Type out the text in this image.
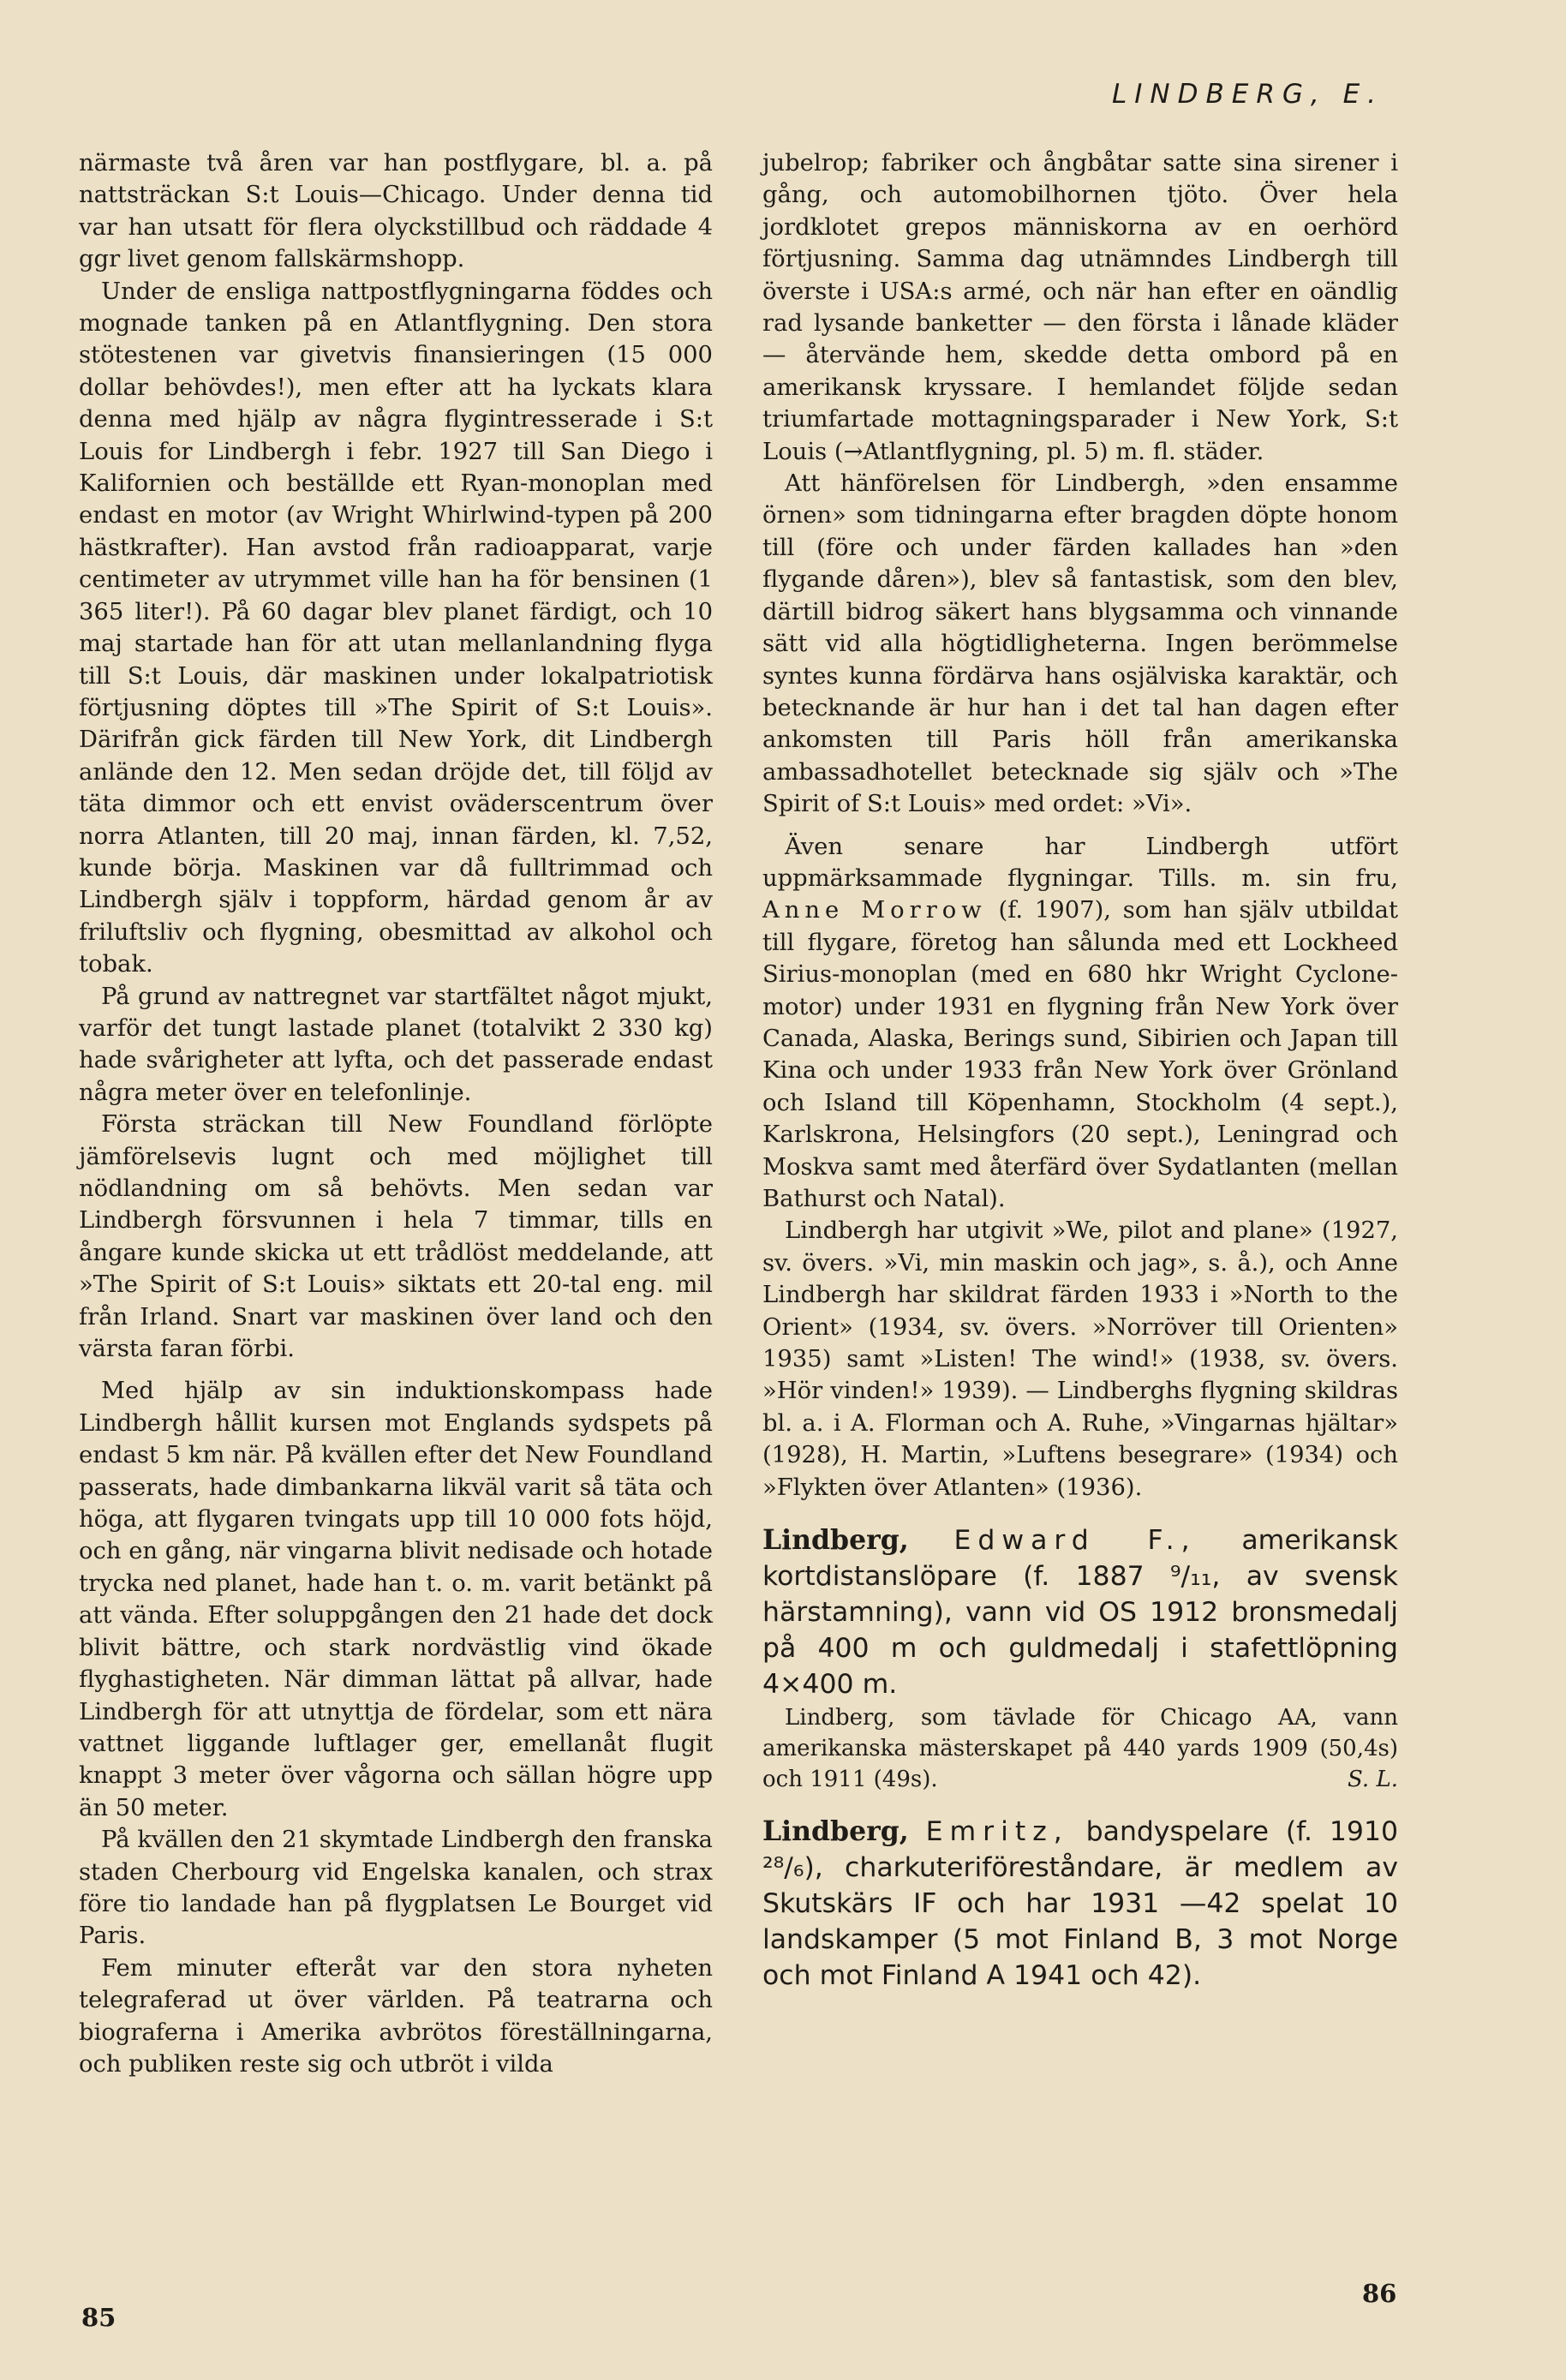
LINDBERG, E.

närmaste två åren var han postflygare, bl. a. på nattsträckan S:t Louis—Chicago. Under denna tid var han utsatt för flera olyckstillbud och räddade 4 ggr livet genom fallskärmshopp.

Under de ensliga nattpostflygningarna föddes och mognade tanken på en Atlantflygning. Den stora stötestenen var givetvis finansieringen (15 000 dollar behövdes!), men efter att ha lyckats klara denna med hjälp av några flygintresserade i S:t Louis for Lindbergh i febr. 1927 till San Diego i Kalifornien och beställde ett Ryan-monoplan med endast en motor (av Wright Whirlwind-typen på 200 hästkrafter). Han avstod från radioapparat, varje centimeter av utrymmet ville han ha för bensinen (1 365 liter!). På 60 dagar blev planet färdigt, och 10 maj startade han för att utan mellanlandning flyga till S:t Louis, där maskinen under lokalpatriotisk förtjusning döptes till »The Spirit of S:t Louis». Därifrån gick färden till New York, dit Lindbergh anlände den 12. Men sedan dröjde det, till följd av täta dimmor och ett envist oväderscentrum över norra Atlanten, till 20 maj, innan färden, kl. 7,52, kunde börja. Maskinen var då fulltrimmad och Lindbergh själv i toppform, härdad genom år av friluftsliv och flygning, obesmittad av alkohol och tobak.

På grund av nattregnet var startfältet något mjukt, varför det tungt lastade planet (totalvikt 2 330 kg) hade svårigheter att lyfta, och det passerade endast några meter över en telefonlinje.

Första sträckan till New Foundland förlöpte jämförelsevis lugnt och med möjlighet till nödlandning om så behövts. Men sedan var Lindbergh försvunnen i hela 7 timmar, tills en ångare kunde skicka ut ett trådlöst meddelande, att »The Spirit of S:t Louis» siktats ett 20-tal eng. mil från Irland. Snart var maskinen över land och den värsta faran förbi.

Med hjälp av sin induktionskompass hade Lindbergh hållit kursen mot Englands sydspets på endast 5 km när. På kvällen efter det New Foundland passerats, hade dimbankarna likväl varit så täta och höga, att flygaren tvingats upp till 10 000 fots höjd, och en gång, när vingarna blivit nedisade och hotade trycka ned planet, hade han t. o. m. varit betänkt på att vända. Efter soluppgången den 21 hade det dock blivit bättre, och stark nordvästlig vind ökade flyghastigheten. När dimman lättat på allvar, hade Lindbergh för att utnyttja de fördelar, som ett nära vattnet liggande luftlager ger, emellanåt flugit knappt 3 meter över vågorna och sällan högre upp än 50 meter.

På kvällen den 21 skymtade Lindbergh den franska staden Cherbourg vid Engelska kanalen, och strax före tio landade han på flygplatsen Le Bourget vid Paris.

Fem minuter efteråt var den stora nyheten telegraferad ut över världen. På teatrarna och biograferna i Amerika avbrötos föreställningarna, och publiken reste sig och utbröt i vilda

jubelrop; fabriker och ångbåtar satte sina sirener i gång, och automobilhornen tjöto. Över hela jordklotet grepos människorna av en oerhörd förtjusning. Samma dag utnämndes Lindbergh till överste i USA:s armé, och när han efter en oändlig rad lysande banketter — den första i lånade kläder — återvände hem, skedde detta ombord på en amerikansk kryssare. I hemlandet följde sedan triumfartade mottagningsparader i New York, S:t Louis (→Atlantflygning, pl. 5) m. fl. städer.

Att hänförelsen för Lindbergh, »den ensamme örnen» som tidningarna efter bragden döpte honom till (före och under färden kallades han »den flygande dåren»), blev så fantastisk, som den blev, därtill bidrog säkert hans blygsamma och vinnande sätt vid alla högtidligheterna. Ingen berömmelse syntes kunna fördärva hans osjälviska karaktär, och betecknande är hur han i det tal han dagen efter ankomsten till Paris höll från amerikanska ambassadhotellet betecknade sig själv och »The Spirit of S:t Louis» med ordet: »Vi».

Även senare har Lindbergh utfört uppmärksammade flygningar. Tills. m. sin fru, Anne Morrow (f. 1907), som han själv utbildat till flygare, företog han sålunda med ett Lockheed Sirius-monoplan (med en 680 hkr Wright Cyclone-motor) under 1931 en flygning från New York över Canada, Alaska, Berings sund, Sibirien och Japan till Kina och under 1933 från New York över Grönland och Island till Köpenhamn, Stockholm (4 sept.), Karlskrona, Helsingfors (20 sept.), Leningrad och Moskva samt med återfärd över Sydatlanten (mellan Bathurst och Natal).

Lindbergh har utgivit »We, pilot and plane» (1927, sv. övers. »Vi, min maskin och jag», s. å.), och Anne Lindbergh har skildrat färden 1933 i »North to the Orient» (1934, sv. övers. »Norröver till Orienten» 1935) samt »Listen! The wind!» (1938, sv. övers. »Hör vinden!» 1939). — Lindberghs flygning skildras bl. a. i A. Florman och A. Ruhe, »Vingarnas hjältar» (1928), H. Martin, »Luftens besegrare» (1934) och »Flykten över Atlanten» (1936).

Lindberg, Edward F., amerikansk kortdistanslöpare (f. 1887 ⁹/₁₁, av svensk härstamning), vann vid OS 1912 bronsmedalj på 400 m och guldmedalj i stafettlöpning 4×400 m.

Lindberg, som tävlade för Chicago AA, vann amerikanska mästerskapet på 440 yards 1909 (50,4s) och 1911 (49s).	S. L.

Lindberg, Emritz, bandyspelare (f. 1910 ²⁸/₆), charkuteriföreståndare, är medlem av Skutskärs IF och har 1931 —42 spelat 10 landskamper (5 mot Finland B, 3 mot Norge och mot Finland A 1941 och 42).
85
86
